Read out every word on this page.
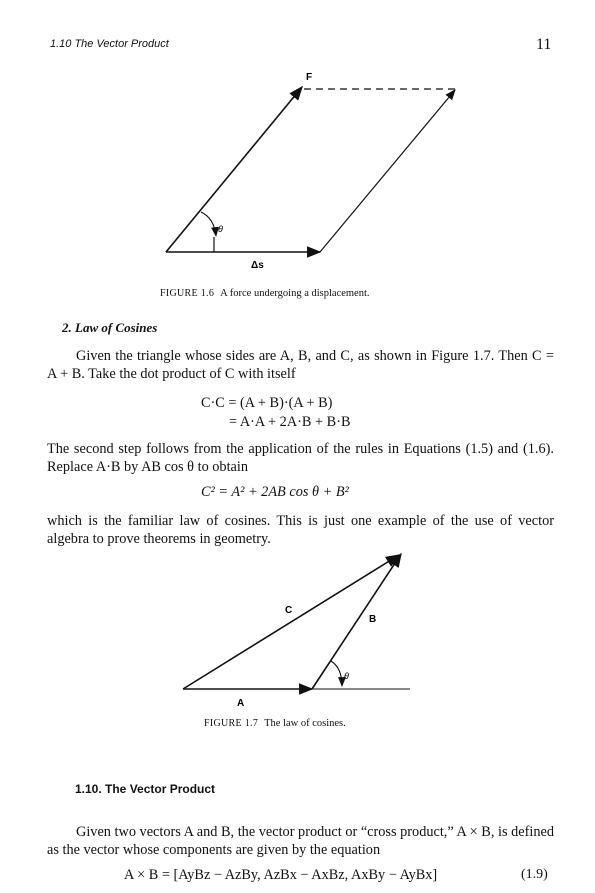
1.10 The Vector Product	11
F
θ
Δs
FIGURE 1.6 A force undergoing a displacement.
2. Law of Cosines
Given the triangle whose sides are A, B, and C, as shown in Figure 1.7. Then C = A + B. Take the dot product of C with itself
C·C = (A + B)·(A + B)
= A·A + 2A·B + B·B
The second step follows from the application of the rules in Equations (1.5) and (1.6). Replace A·B by AB cos θ to obtain
C² = A² + 2AB cos θ + B²
which is the familiar law of cosines. This is just one example of the use of vector algebra to prove theorems in geometry.
C
B
A
θ
FIGURE 1.7 The law of cosines.
1.10. The Vector Product
Given two vectors A and B, the vector product or “cross product,” A × B, is defined as the vector whose components are given by the equation
A × B = [AyBz − AzBy, AzBx − AxBz, AxBy − AyBx]	(1.9)
